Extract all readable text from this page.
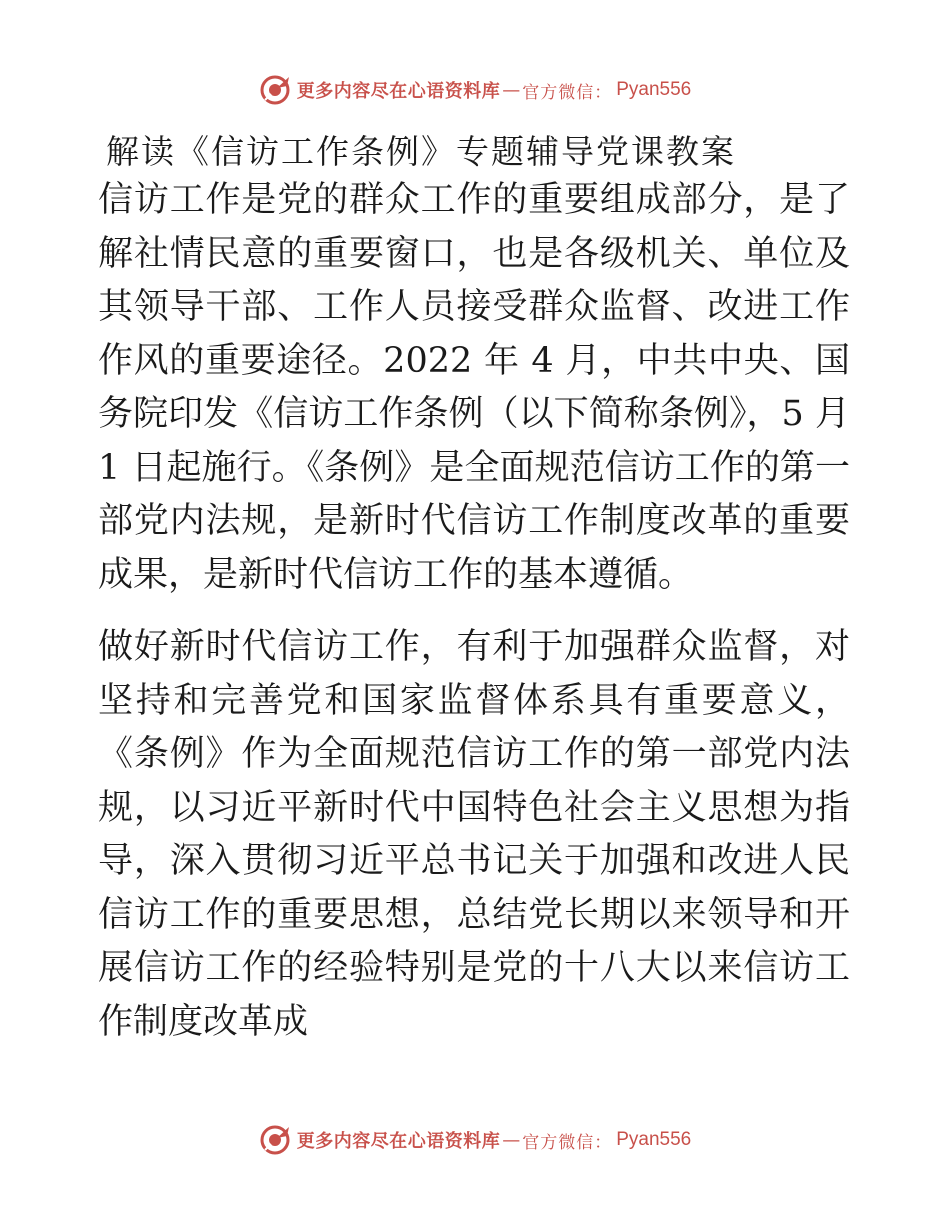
更多内容尽在心语资料库 — 官方微信： Pyan556
解读《信访工作条例》专题辅导党课教案

信访工作是党的群众工作的重要组成部分，是了解社情民意的重要窗口，也是各级机关、单位及其领导干部、工作人员接受群众监督、改进工作作风的重要途径。2022 年 4 月，中共中央、国务院印发《信访工作条例（以下简称条例》，5 月 1 日起施行。《条例》是全面规范信访工作的第一部党内法规，是新时代信访工作制度改革的重要成果，是新时代信访工作的基本遵循。

做好新时代信访工作，有利于加强群众监督，对坚持和完善党和国家监督体系具有重要意义，《条例》作为全面规范信访工作的第一部党内法规，以习近平新时代中国特色社会主义思想为指导，深入贯彻习近平总书记关于加强和改进人民信访工作的重要思想，总结党长期以来领导和开展信访工作的经验特别是党的十八大以来信访工作制度改革成

更多内容尽在心语资料库 — 官方微信： Pyan556
